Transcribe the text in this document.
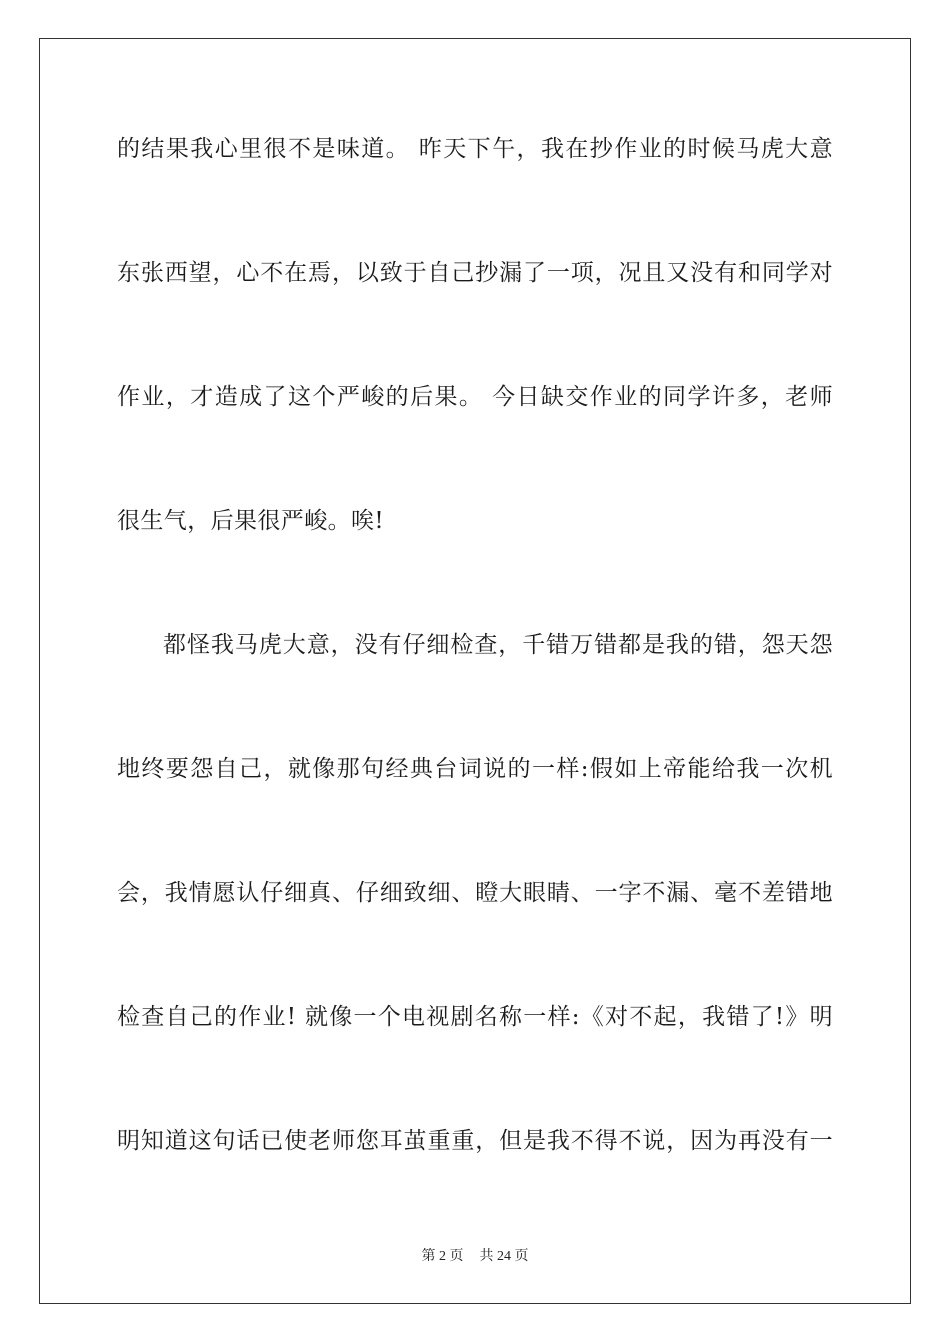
的结果我心里很不是味道。 昨天下午，我在抄作业的时候马虎大意
东张西望，心不在焉，以致于自己抄漏了一项，况且又没有和同学对
作业，才造成了这个严峻的后果。 今日缺交作业的同学许多，老师
很生气，后果很严峻。唉!
都怪我马虎大意，没有仔细检查，千错万错都是我的错，怨天怨
地终要怨自己，就像那句经典台词说的一样:假如上帝能给我一次机
会，我情愿认仔细真、仔细致细、瞪大眼睛、一字不漏、毫不差错地
检查自己的作业! 就像一个电视剧名称一样:《对不起，我错了!》明
明知道这句话已使老师您耳茧重重，但是我不得不说，因为再没有一
第 2 页 共 24 页
